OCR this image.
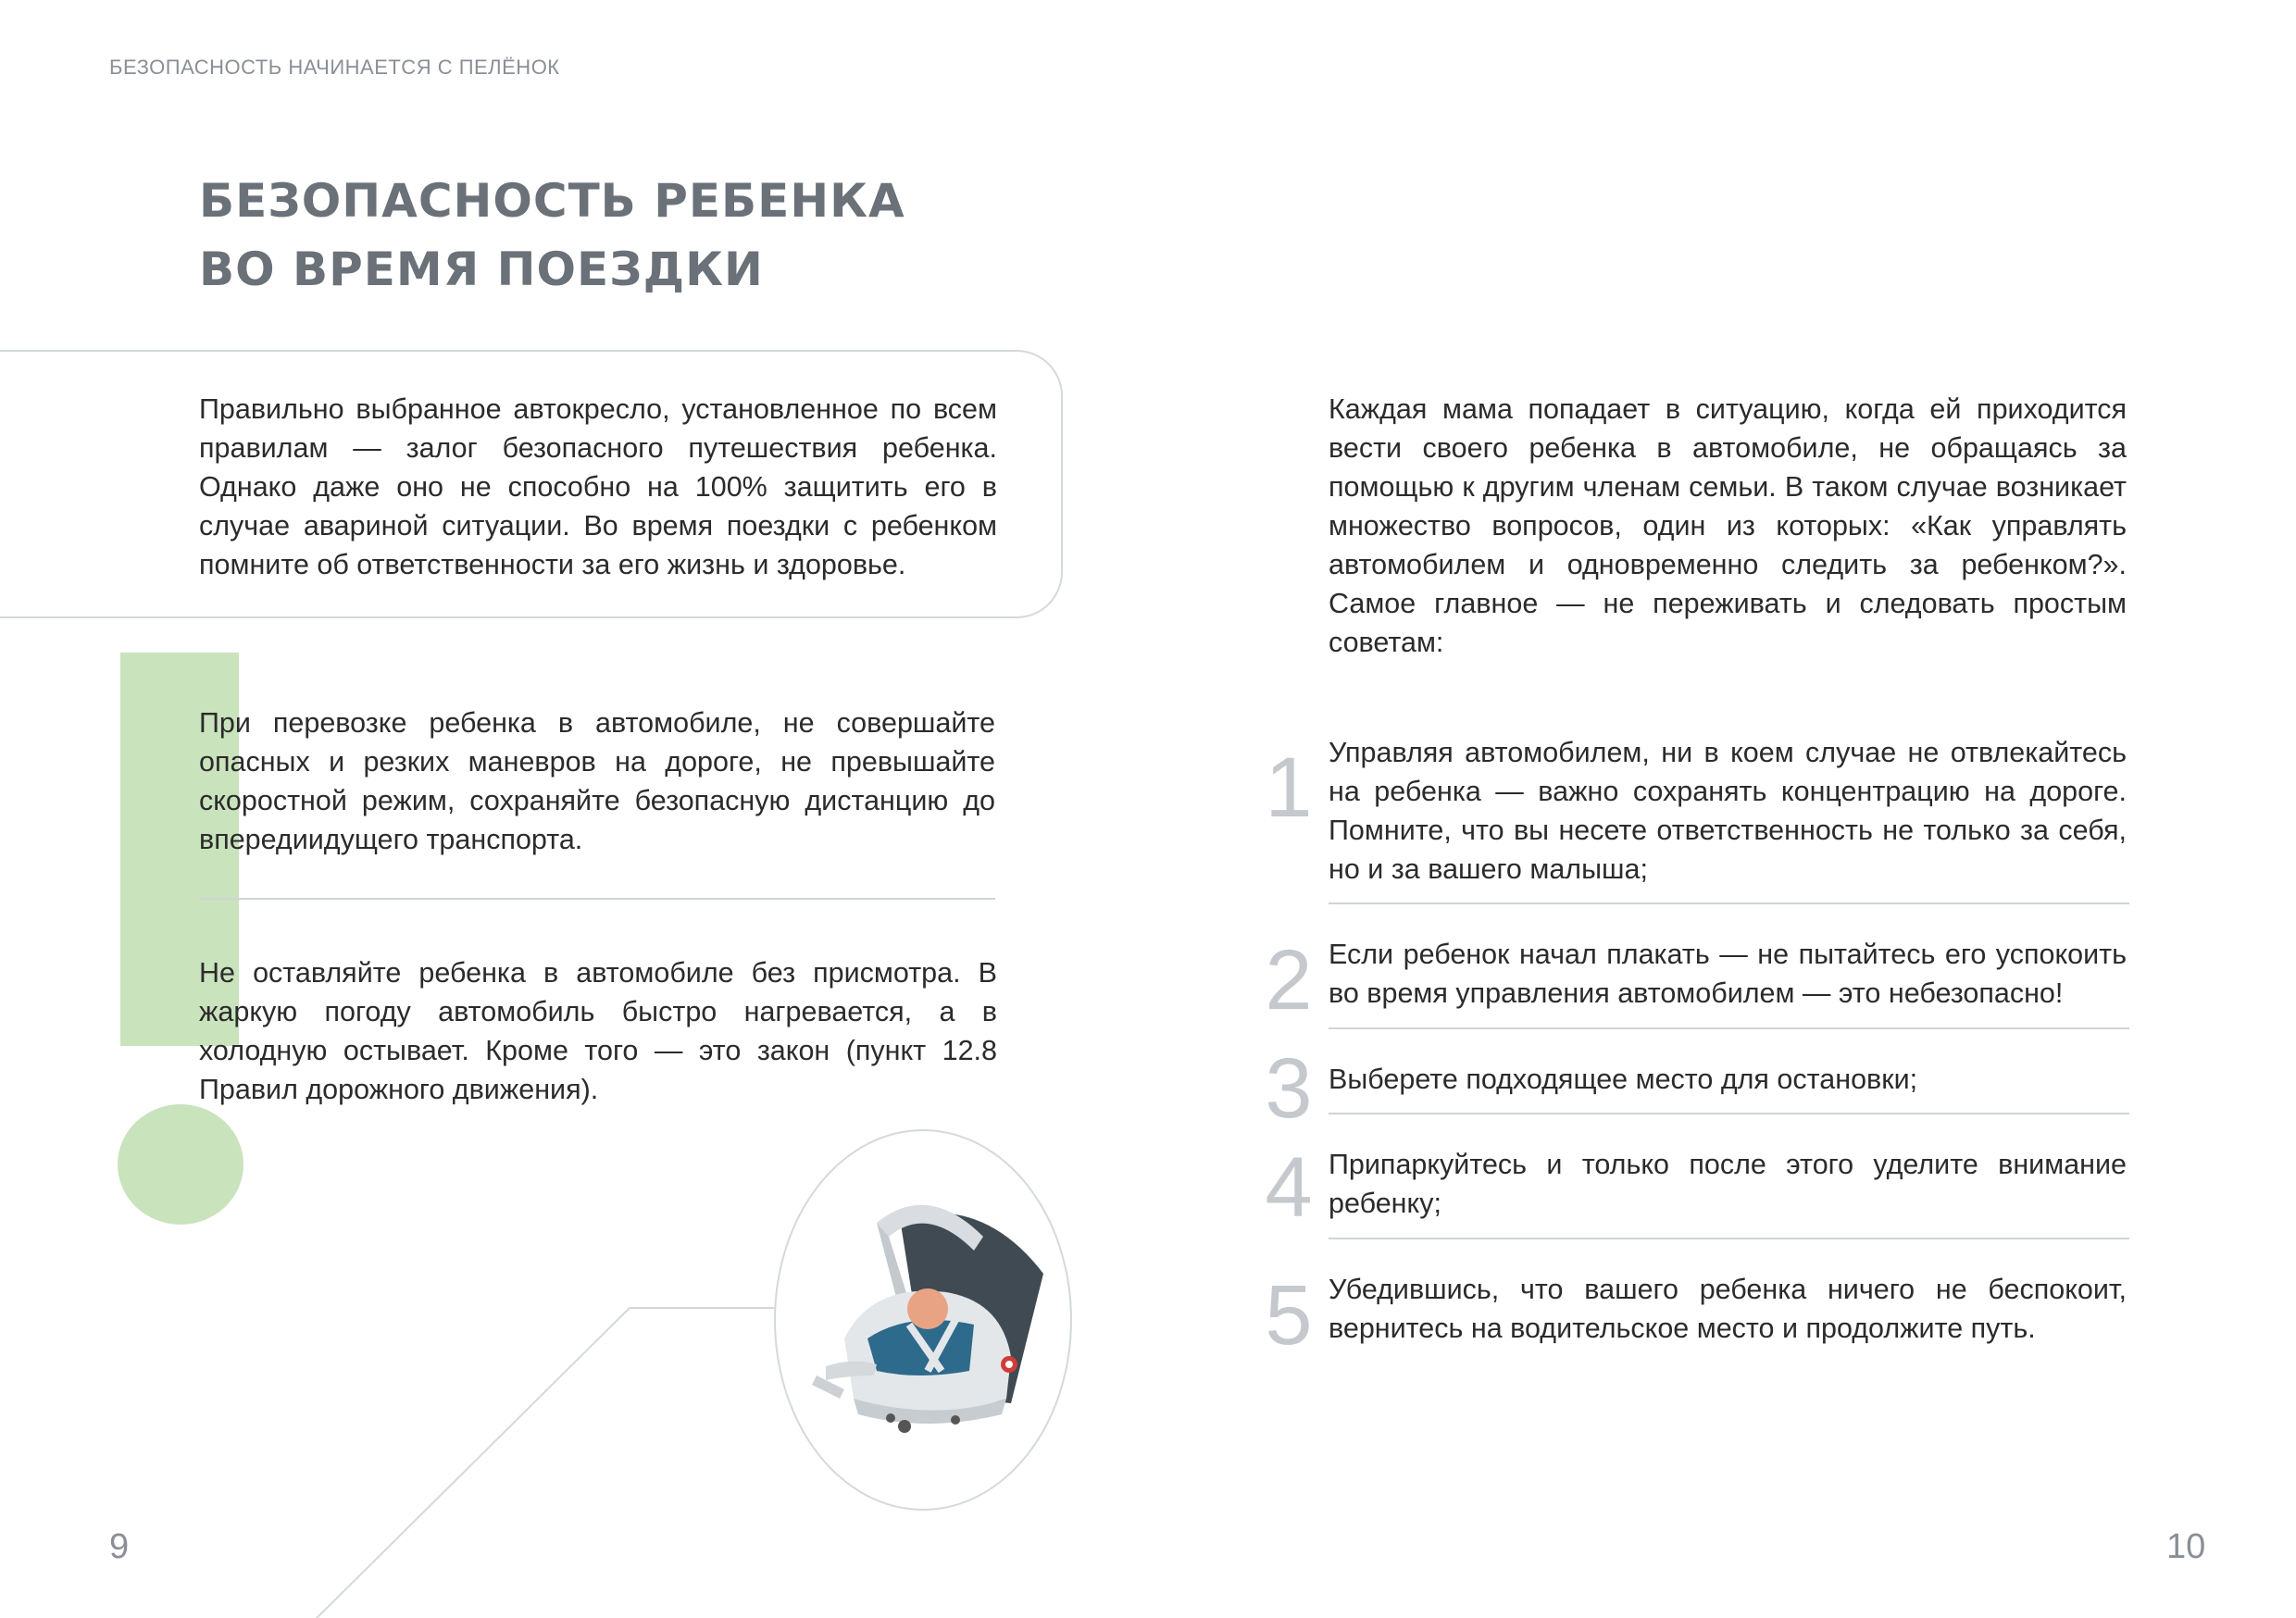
БЕЗОПАСНОСТЬ НАЧИНАЕТСЯ С ПЕЛЁНОК
БЕЗОПАСНОСТЬ РЕБЕНКА
ВО ВРЕМЯ ПОЕЗДКИ

Правильно выбранное автокресло, установленное по всем правилам — залог безопасного путешествия ребенка. Однако даже оно не способно на 100% защитить его в случае авариной ситуации. Во время поездки с ребенком помните об ответственности за его жизнь и здоровье.

При перевозке ребенка в автомобиле, не совершайте опасных и резких маневров на дороге, не превышайте скоростной режим, сохраняйте безопасную дистанцию до впередиидущего транспорта.

Не оставляйте ребенка в автомобиле без присмотра. В жаркую погоду автомобиль быстро нагревается, а в холодную остывает. Кроме того — это закон (пункт 12.8 Правил дорожного движения).

Каждая мама попадает в ситуацию, когда ей приходится вести своего ребенка в автомобиле, не обращаясь за помощью к другим членам семьи. В таком случае возникает множество вопросов, один из которых: «Как управлять автомобилем и одновременно следить за ребенком?». Самое главное — не переживать и следовать простым советам:

1 Управляя автомобилем, ни в коем случае не отвлекайтесь на ребенка — важно сохранять концентрацию на дороге. Помните, что вы несете ответственность не только за себя, но и за вашего малыша;

2 Если ребенок начал плакать — не пытайтесь его успокоить во время управления автомобилем — это небезопасно!

3 Выберете подходящее место для остановки;

4 Припаркуйтесь и только после этого уделите внимание ребенку;

5 Убедившись, что вашего ребенка ничего не беспокоит, вернитесь на водительское место и продолжите путь.

9	10
